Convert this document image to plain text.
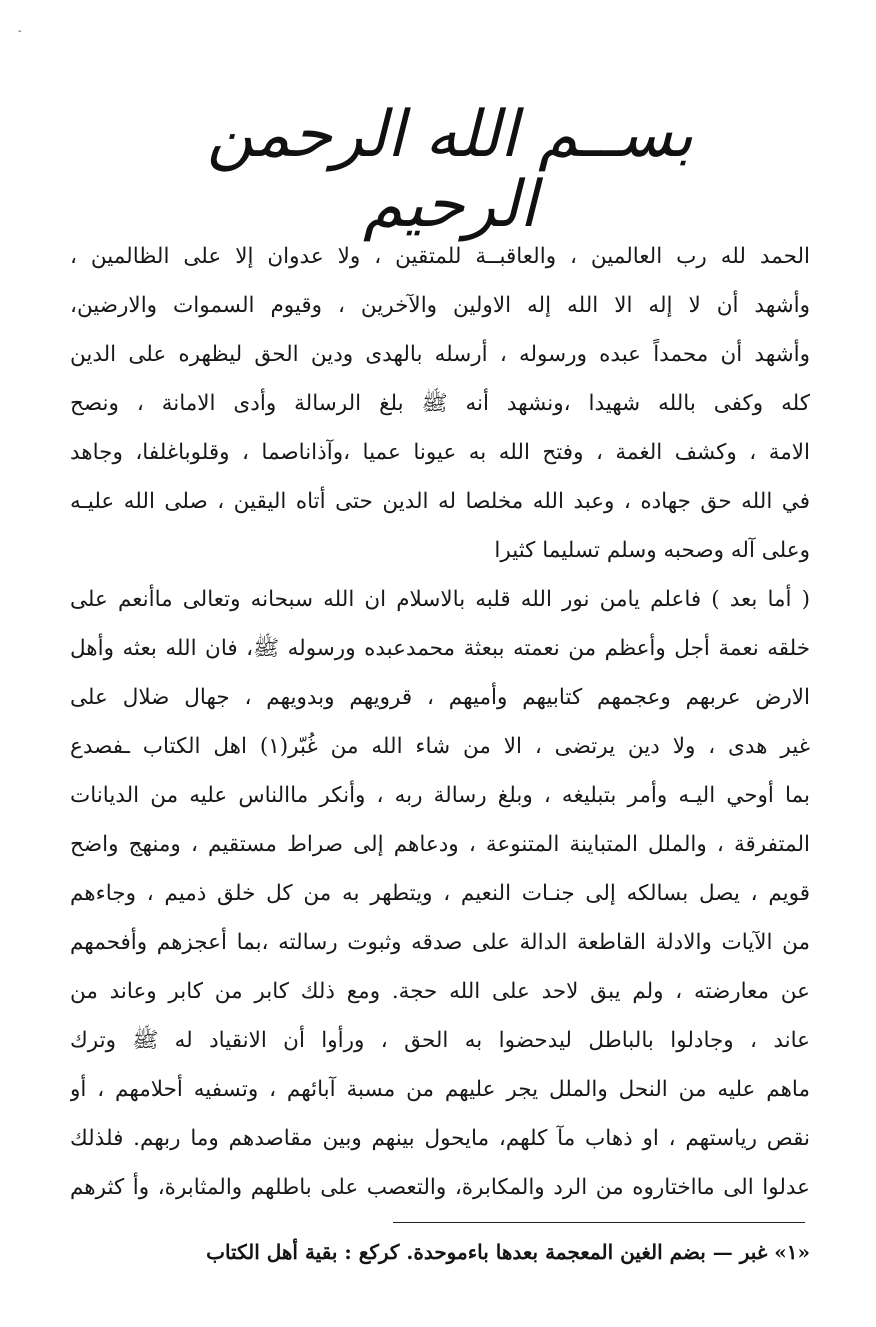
-
بســم الله الرحمن الرحيم
الحمد لله رب العالمين ، والعاقبــة للمتقين ، ولا عدوان إلا على الظالمين ،
وأشهد أن لا إله الا الله إله الاولين والآخرين ، وقيوم السموات والارضين،
وأشهد أن محمداً عبده ورسوله ، أرسله بالهدى ودين الحق ليظهره على الدين
كله وكفى بالله شهيدا ،ونشهد أنه ﷺ بلغ الرسالة وأدى الامانة ، ونصح
الامة ، وكشف الغمة ، وفتح الله به عيونا عميا ،وآذاناصما ، وقلوباغلفا، وجاهد
في الله حق جهاده ، وعبد الله مخلصا له الدين حتى أتاه اليقين ، صلى الله عليـه
وعلى آله وصحبه وسلم تسليما كثيرا
( أما بعد ) فاعلم يامن نور الله قلبه بالاسلام ان الله سبحانه وتعالى ماأنعم على
خلقه نعمة أجل وأعظم من نعمته ببعثة محمدعبده ورسوله ﷺ، فان الله بعثه وأهل
الارض عربهم وعجمهم كتابيهم وأميهم ، قرويهم وبدويهم ، جهال ضلال على
غير هدى ، ولا دين يرتضى ، الا من شاء الله من غُبّر(١) اهل الكتاب ـفصدع
بما أوحي اليـه وأمر بتبليغه ، وبلغ رسالة ربه ، وأنكر ماالناس عليه من الديانات
المتفرقة ، والملل المتباينة المتنوعة ، ودعاهم إلى صراط مستقيم ، ومنهج واضح
قويم ، يصل بسالكه إلى جنـات النعيم ، ويتطهر به من كل خلق ذميم ، وجاءهم
من الآيات والادلة القاطعة الدالة على صدقه وثبوت رسالته ،بما أعجزهم وأفحمهم
عن معارضته ، ولم يبق لاحد على الله حجة. ومع ذلك كابر من كابر وعاند من
عاند ، وجادلوا بالباطل ليدحضوا به الحق ، ورأوا أن الانقياد له ﷺ وترك
ماهم عليه من النحل والملل يجر عليهم من مسبة آبائهم ، وتسفيه أحلامهم ، أو
نقص رياستهم ، او ذهاب مآ كلهم، مايحول بينهم وبين مقاصدهم وما ربهم. فلذلك
عدلوا الى مااختاروه من الرد والمكابرة، والتعصب على باطلهم والمثابرة، وأ كثرهم
«١» غبر — بضم الغين المعجمة بعدها باءموحدة. كركع : بقية أهل الكتاب
